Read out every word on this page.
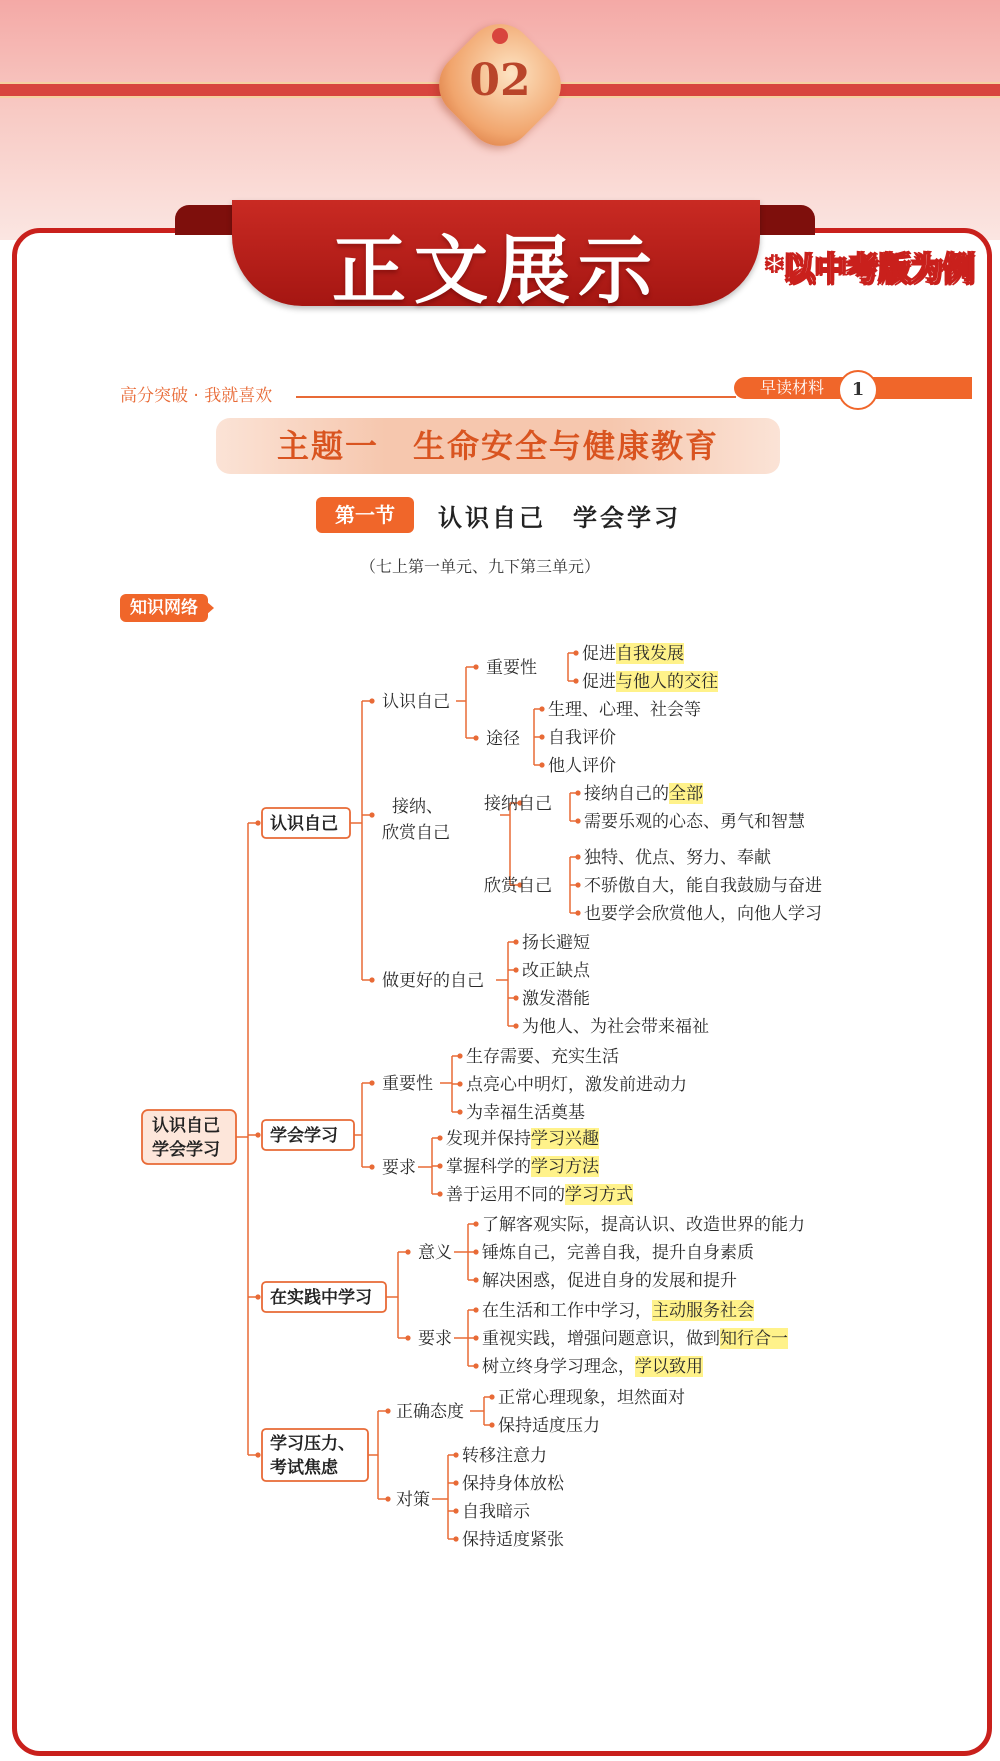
02
正文展示	*以中考版为例
高分突破 · 我就喜欢	早读材料	1
主题一　生命安全与健康教育
第一节	认识自己　学会学习
（七上第一单元、九下第三单元）
知识网络
认识自己
学会学习
认识自己
认识自己
重要性
促进自我发展
促进与他人的交往
途径
生理、心理、社会等
自我评价
他人评价
接纳、
欣赏自己
接纳自己 接纳自己的全部
需要乐观的心态、勇气和智慧
欣赏自己
独特、优点、努力、奉献
不骄傲自大，能自我鼓励与奋进
也要学会欣赏他人，向他人学习
做更好的自己
扬长避短
改正缺点
激发潜能
为他人、为社会带来福祉
学会学习
重要性
生存需要、充实生活
点亮心中明灯，激发前进动力
为幸福生活奠基
要求
发现并保持学习兴趣
掌握科学的学习方法
善于运用不同的学习方式
在实践中学习
意义
了解客观实际，提高认识、改造世界的能力
锤炼自己，完善自我，提升自身素质
解决困惑，促进自身的发展和提升
要求
在生活和工作中学习，主动服务社会
重视实践，增强问题意识，做到知行合一
树立终身学习理念，学以致用
学习压力、
考试焦虑
正确态度
正常心理现象，坦然面对
保持适度压力
对策
转移注意力
保持身体放松
自我暗示
保持适度紧张
